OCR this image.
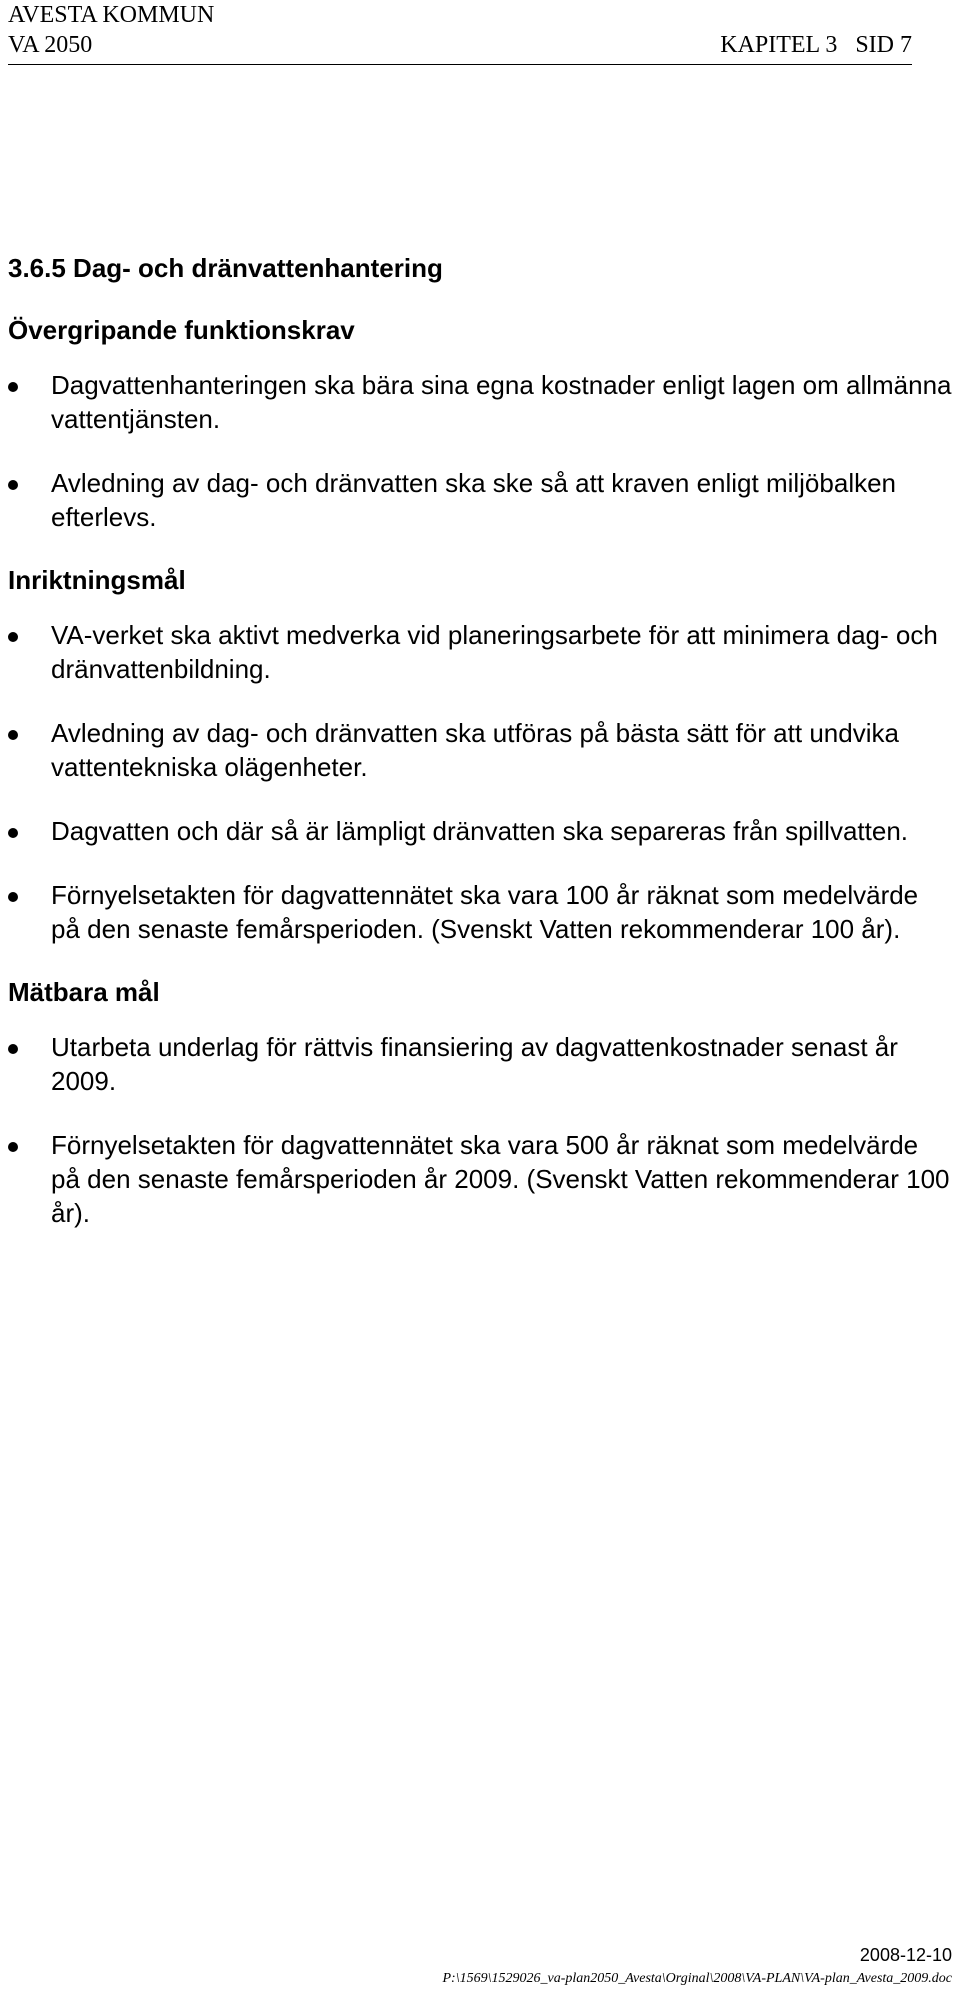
AVESTA KOMMUN
VA 2050	KAPITEL 3   SID 7
3.6.5 Dag- och dränvattenhantering
Övergripande funktionskrav
Dagvattenhanteringen ska bära sina egna kostnader enligt lagen om allmänna vattentjänsten.
Avledning av dag- och dränvatten ska ske så att kraven enligt miljöbalken efterlevs.
Inriktningsmål
VA-verket ska aktivt medverka vid planeringsarbete för att minimera dag- och dränvattenbildning.
Avledning av dag- och dränvatten ska utföras på bästa sätt för att undvika vattentekniska olägenheter.
Dagvatten och där så är lämpligt dränvatten ska separeras från spillvatten.
Förnyelsetakten för dagvattennätet ska vara 100 år räknat som medelvärde på den senaste femårsperioden. (Svenskt Vatten rekommenderar 100 år).
Mätbara mål
Utarbeta underlag för rättvis finansiering av dagvattenkostnader senast år 2009.
Förnyelsetakten för dagvattennätet ska vara 500 år räknat som medelvärde på den senaste femårsperioden år 2009. (Svenskt Vatten rekommenderar 100 år).
2008-12-10
P:\1569\1529026_va-plan2050_Avesta\Orginal\2008\VA-PLAN\VA-plan_Avesta_2009.doc
